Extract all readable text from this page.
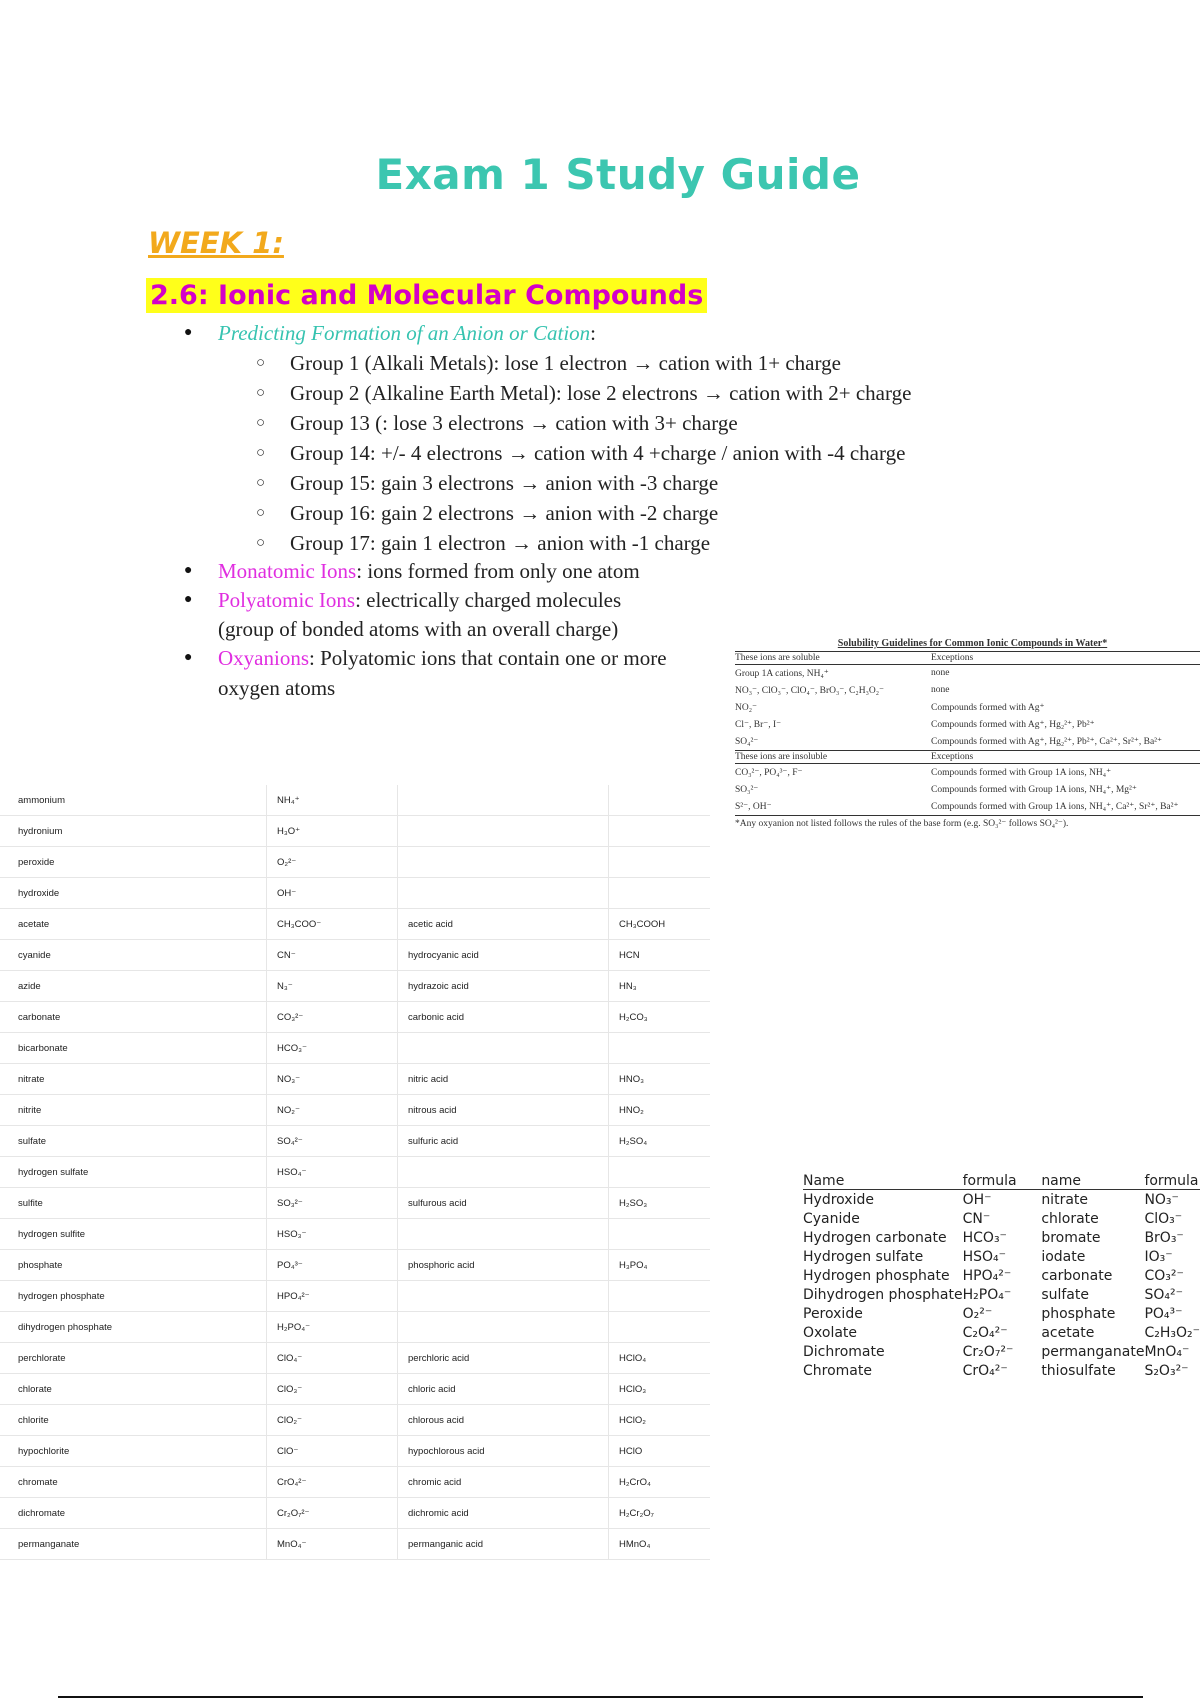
Exam 1 Study Guide
WEEK 1:
2.6: Ionic and Molecular Compounds
● Predicting Formation of an Anion or Cation:
○ Group 1 (Alkali Metals): lose 1 electron → cation with 1+ charge
○ Group 2 (Alkaline Earth Metal): lose 2 electrons → cation with 2+ charge
○ Group 13 (: lose 3 electrons → cation with 3+ charge
○ Group 14: +/- 4 electrons → cation with 4 +charge / anion with -4 charge
○ Group 15: gain 3 electrons → anion with -3 charge
○ Group 16: gain 2 electrons → anion with -2 charge
○ Group 17: gain 1 electron → anion with -1 charge
● Monatomic Ions: ions formed from only one atom
● Polyatomic Ions: electrically charged molecules
(group of bonded atoms with an overall charge)
● Oxyanions: Polyatomic ions that contain one or more
oxygen atoms
Solubility Guidelines for Common Ionic Compounds in Water*
These ions are soluble	Exceptions
Group 1A cations, NH₄⁺	none
NO₃⁻, ClO₃⁻, ClO₄⁻, BrO₃⁻, C₂H₃O₂⁻	none
NO₂⁻	Compounds formed with Ag⁺
Cl⁻, Br⁻, I⁻	Compounds formed with Ag⁺, Hg₂²⁺, Pb²⁺
SO₄²⁻	Compounds formed with Ag⁺, Hg₂²⁺, Pb²⁺, Ca²⁺, Sr²⁺, Ba²⁺
These ions are insoluble	Exceptions
CO₃²⁻, PO₄³⁻, F⁻	Compounds formed with Group 1A ions, NH₄⁺
SO₃²⁻	Compounds formed with Group 1A ions, NH₄⁺, Mg²⁺
S²⁻, OH⁻	Compounds formed with Group 1A ions, NH₄⁺, Ca²⁺, Sr²⁺, Ba²⁺
*Any oxyanion not listed follows the rules of the base form (e.g. SO₃²⁻ follows SO₄²⁻).
ammonium	NH₄⁺		
hydronium	H₃O⁺		
peroxide	O₂²⁻		
hydroxide	OH⁻		
acetate	CH₃COO⁻	acetic acid	CH₃COOH
cyanide	CN⁻	hydrocyanic acid	HCN
azide	N₃⁻	hydrazoic acid	HN₃
carbonate	CO₃²⁻	carbonic acid	H₂CO₃
bicarbonate	HCO₃⁻		
nitrate	NO₃⁻	nitric acid	HNO₃
nitrite	NO₂⁻	nitrous acid	HNO₂
sulfate	SO₄²⁻	sulfuric acid	H₂SO₄
hydrogen sulfate	HSO₄⁻		
sulfite	SO₃²⁻	sulfurous acid	H₂SO₃
hydrogen sulfite	HSO₃⁻		
phosphate	PO₄³⁻	phosphoric acid	H₃PO₄
hydrogen phosphate	HPO₄²⁻		
dihydrogen phosphate	H₂PO₄⁻		
perchlorate	ClO₄⁻	perchloric acid	HClO₄
chlorate	ClO₃⁻	chloric acid	HClO₃
chlorite	ClO₂⁻	chlorous acid	HClO₂
hypochlorite	ClO⁻	hypochlorous acid	HClO
chromate	CrO₄²⁻	chromic acid	H₂CrO₄
dichromate	Cr₂O₇²⁻	dichromic acid	H₂Cr₂O₇
permanganate	MnO₄⁻	permanganic acid	HMnO₄
Name	formula	name	formula
Hydroxide	OH⁻	nitrate	NO₃⁻
Cyanide	CN⁻	chlorate	ClO₃⁻
Hydrogen carbonate	HCO₃⁻	bromate	BrO₃⁻
Hydrogen sulfate	HSO₄⁻	iodate	IO₃⁻
Hydrogen phosphate	HPO₄²⁻	carbonate	CO₃²⁻
Dihydrogen phosphate	H₂PO₄⁻	sulfate	SO₄²⁻
Peroxide	O₂²⁻	phosphate	PO₄³⁻
Oxolate	C₂O₄²⁻	acetate	C₂H₃O₂⁻
Dichromate	Cr₂O₇²⁻	permanganate	MnO₄⁻
Chromate	CrO₄²⁻	thiosulfate	S₂O₃²⁻
